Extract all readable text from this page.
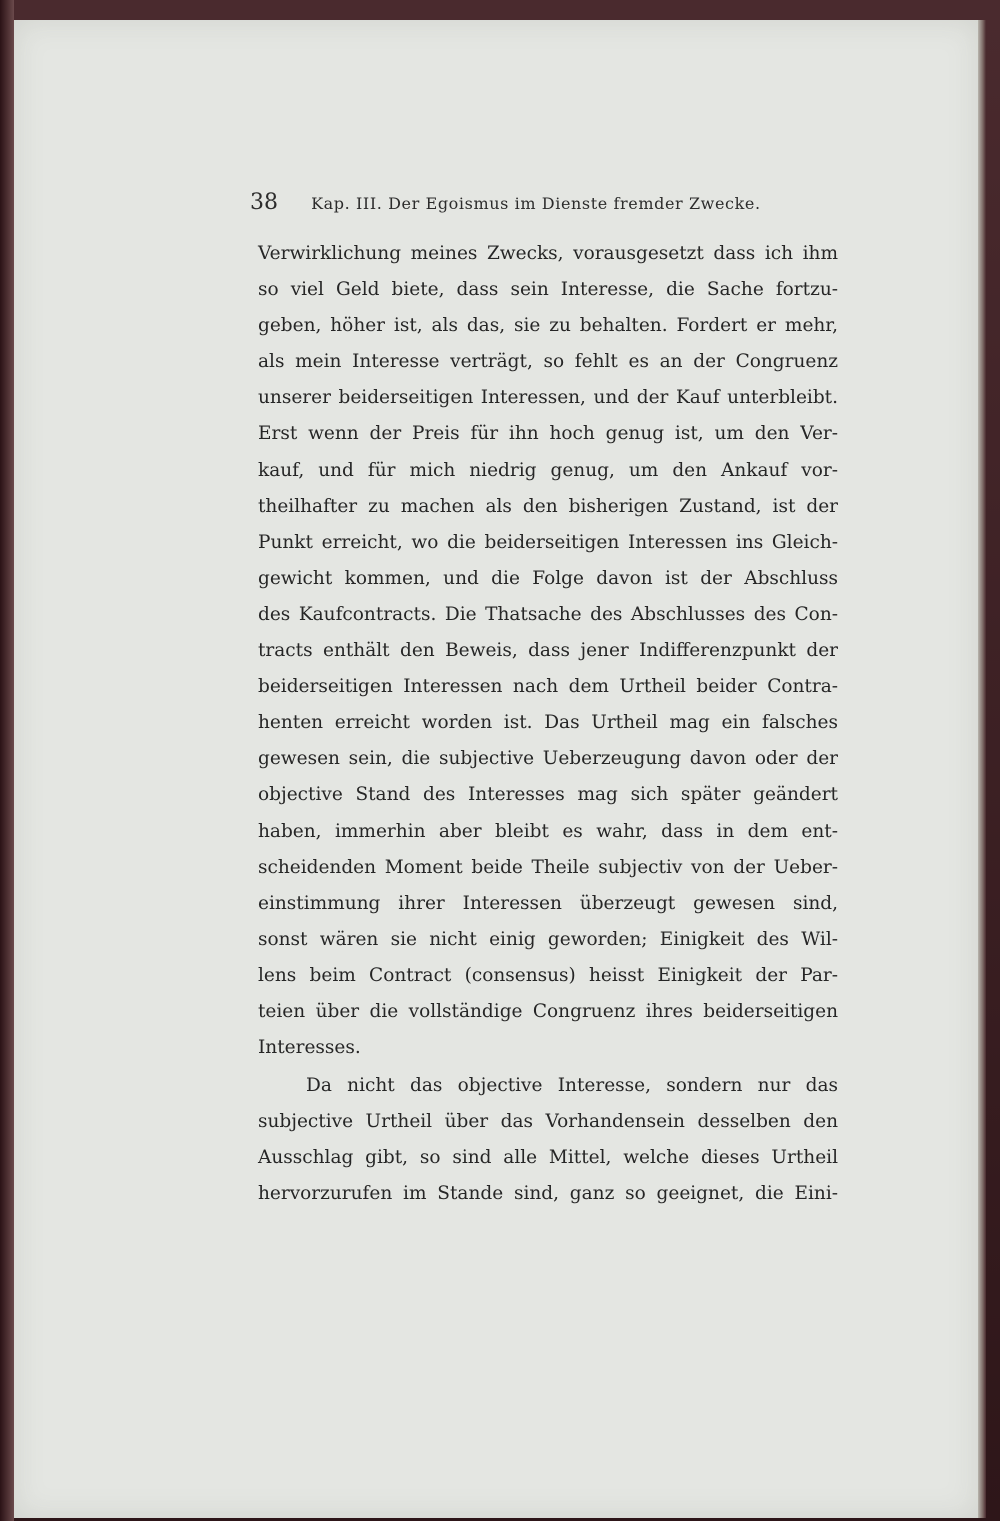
38 Kap. III. Der Egoismus im Dienste fremder Zwecke.
Verwirklichung meines Zwecks, vorausgesetzt dass ich ihm
so viel Geld biete, dass sein Interesse, die Sache fortzu-
geben, höher ist, als das, sie zu behalten. Fordert er mehr,
als mein Interesse verträgt, so fehlt es an der Congruenz
unserer beiderseitigen Interessen, und der Kauf unterbleibt.
Erst wenn der Preis für ihn hoch genug ist, um den Ver-
kauf, und für mich niedrig genug, um den Ankauf vor-
theilhafter zu machen als den bisherigen Zustand, ist der
Punkt erreicht, wo die beiderseitigen Interessen ins Gleich-
gewicht kommen, und die Folge davon ist der Abschluss
des Kaufcontracts. Die Thatsache des Abschlusses des Con-
tracts enthält den Beweis, dass jener Indifferenzpunkt der
beiderseitigen Interessen nach dem Urtheil beider Contra-
henten erreicht worden ist. Das Urtheil mag ein falsches
gewesen sein, die subjective Ueberzeugung davon oder der
objective Stand des Interesses mag sich später geändert
haben, immerhin aber bleibt es wahr, dass in dem ent-
scheidenden Moment beide Theile subjectiv von der Ueber-
einstimmung ihrer Interessen überzeugt gewesen sind,
sonst wären sie nicht einig geworden; Einigkeit des Wil-
lens beim Contract (consensus) heisst Einigkeit der Par-
teien über die vollständige Congruenz ihres beiderseitigen
Interesses.
Da nicht das objective Interesse, sondern nur das
subjective Urtheil über das Vorhandensein desselben den
Ausschlag gibt, so sind alle Mittel, welche dieses Urtheil
hervorzurufen im Stande sind, ganz so geeignet, die Eini-
